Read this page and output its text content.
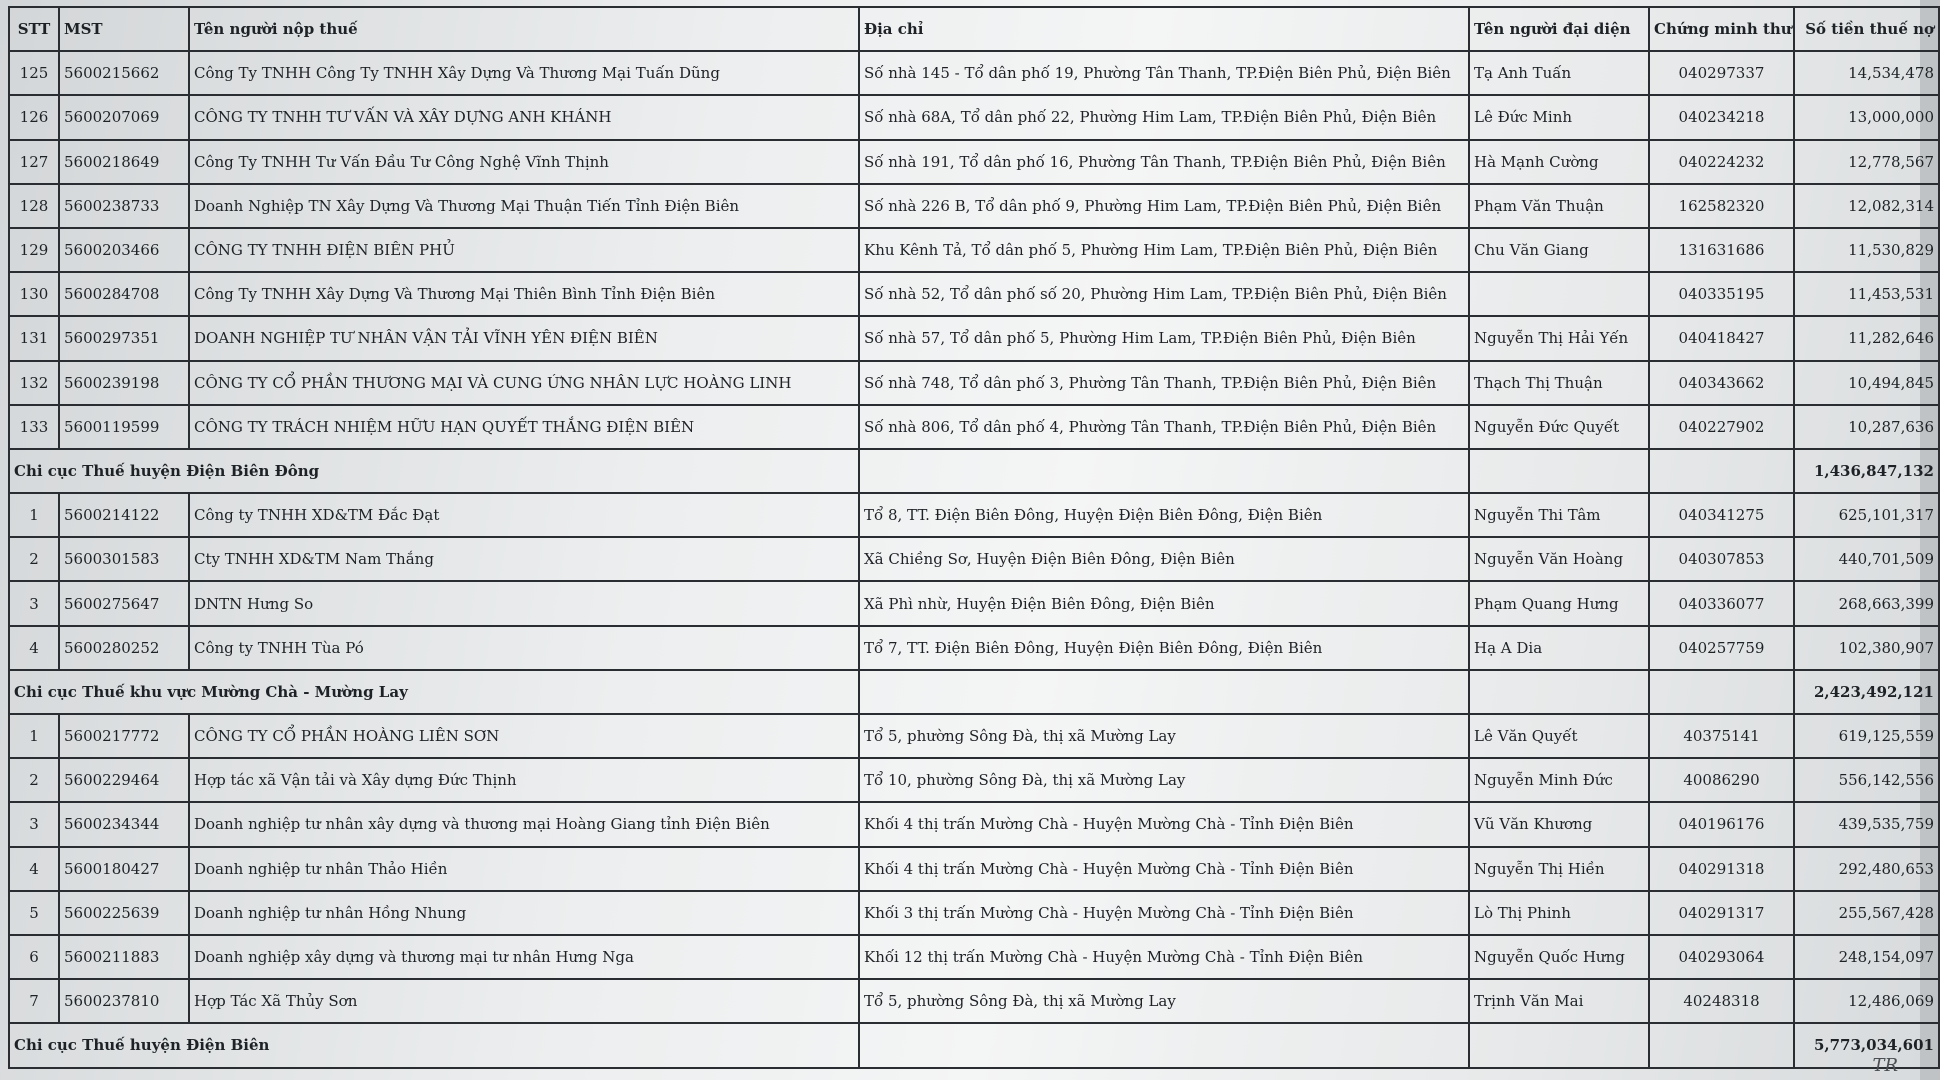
STT	MST	Tên người nộp thuế	Địa chỉ	Tên người đại diện	Chứng minh thư	Số tiền thuế nợ
125	5600215662	Công Ty TNHH Công Ty TNHH Xây Dựng Và Thương Mại Tuấn Dũng	Số nhà 145 - Tổ dân phố 19, Phường Tân Thanh, TP.Điện Biên Phủ, Điện Biên	Tạ Anh Tuấn	040297337	14,534,478
126	5600207069	CÔNG TY TNHH TƯ VẤN VÀ XÂY DỰNG ANH KHÁNH	Số nhà 68A, Tổ dân phố 22, Phường Him Lam, TP.Điện Biên Phủ, Điện Biên	Lê Đức Minh	040234218	13,000,000
127	5600218649	Công Ty TNHH Tư Vấn Đầu Tư Công Nghệ Vĩnh Thịnh	Số nhà 191, Tổ dân phố 16, Phường Tân Thanh, TP.Điện Biên Phủ, Điện Biên	Hà Mạnh Cường	040224232	12,778,567
128	5600238733	Doanh Nghiệp TN Xây Dựng Và Thương Mại Thuận Tiến Tỉnh Điện Biên	Số nhà 226 B, Tổ dân phố 9, Phường Him Lam, TP.Điện Biên Phủ, Điện Biên	Phạm Văn Thuận	162582320	12,082,314
129	5600203466	CÔNG TY TNHH ĐIỆN BIÊN PHỦ	Khu Kênh Tả, Tổ dân phố 5, Phường Him Lam, TP.Điện Biên Phủ, Điện Biên	Chu Văn Giang	131631686	11,530,829
130	5600284708	Công Ty TNHH Xây Dựng Và Thương Mại Thiên Bình Tỉnh Điện Biên	Số nhà 52, Tổ dân phố số 20, Phường Him Lam, TP.Điện Biên Phủ, Điện Biên		040335195	11,453,531
131	5600297351	DOANH NGHIỆP TƯ NHÂN VẬN TẢI VĨNH YÊN ĐIỆN BIÊN	Số nhà 57, Tổ dân phố 5, Phường Him Lam, TP.Điện Biên Phủ, Điện Biên	Nguyễn Thị Hải Yến	040418427	11,282,646
132	5600239198	CÔNG TY CỔ PHẦN THƯƠNG MẠI VÀ CUNG ỨNG NHÂN LỰC HOÀNG LINH	Số nhà 748, Tổ dân phố 3, Phường Tân Thanh, TP.Điện Biên Phủ, Điện Biên	Thạch Thị Thuận	040343662	10,494,845
133	5600119599	CÔNG TY TRÁCH NHIỆM HỮU HẠN QUYẾT THẮNG ĐIỆN BIÊN	Số nhà 806, Tổ dân phố 4, Phường Tân Thanh, TP.Điện Biên Phủ, Điện Biên	Nguyễn Đức Quyết	040227902	10,287,636
Chi cục Thuế huyện Điện Biên Đông						1,436,847,132
1	5600214122	Công ty TNHH XD&TM Đắc Đạt	Tổ 8, TT. Điện Biên Đông, Huyện Điện Biên Đông, Điện Biên	Nguyễn Thi Tâm	040341275	625,101,317
2	5600301583	Cty TNHH XD&TM Nam Thắng	Xã Chiềng Sơ, Huyện Điện Biên Đông, Điện Biên	Nguyễn Văn Hoàng	040307853	440,701,509
3	5600275647	DNTN Hưng So	Xã Phì nhừ, Huyện Điện Biên Đông, Điện Biên	Phạm Quang Hưng	040336077	268,663,399
4	5600280252	Công ty TNHH Tùa Pó	Tổ 7, TT. Điện Biên Đông, Huyện Điện Biên Đông, Điện Biên	Hạ A Dia	040257759	102,380,907
Chi cục Thuế khu vực Mường Chà - Mường Lay						2,423,492,121
1	5600217772	CÔNG TY CỔ PHẦN HOÀNG LIÊN SƠN	Tổ 5, phường Sông Đà, thị xã Mường Lay	Lê Văn Quyết	40375141	619,125,559
2	5600229464	Hợp tác xã Vận tải và Xây dựng Đức Thịnh	Tổ 10, phường Sông Đà, thị xã Mường Lay	Nguyễn Minh Đức	40086290	556,142,556
3	5600234344	Doanh nghiệp tư nhân xây dựng và thương mại Hoàng Giang tỉnh Điện Biên	Khối 4 thị trấn Mường Chà - Huyện Mường Chà - Tỉnh Điện Biên	Vũ Văn Khương	040196176	439,535,759
4	5600180427	Doanh nghiệp tư nhân Thảo Hiền	Khối 4 thị trấn Mường Chà - Huyện Mường Chà - Tỉnh Điện Biên	Nguyễn Thị Hiền	040291318	292,480,653
5	5600225639	Doanh nghiệp tư nhân Hồng Nhung	Khối 3 thị trấn Mường Chà - Huyện Mường Chà - Tỉnh Điện Biên	Lò Thị Phinh	040291317	255,567,428
6	5600211883	Doanh nghiệp xây dựng và thương mại tư nhân Hưng Nga	Khối 12 thị trấn Mường Chà - Huyện Mường Chà - Tỉnh Điện Biên	Nguyễn Quốc Hưng	040293064	248,154,097
7	5600237810	Hợp Tác Xã Thủy Sơn	Tổ 5, phường Sông Đà, thị xã Mường Lay	Trịnh Văn Mai	40248318	12,486,069
Chi cục Thuế huyện Điện Biên						5,773,034,601
TR
